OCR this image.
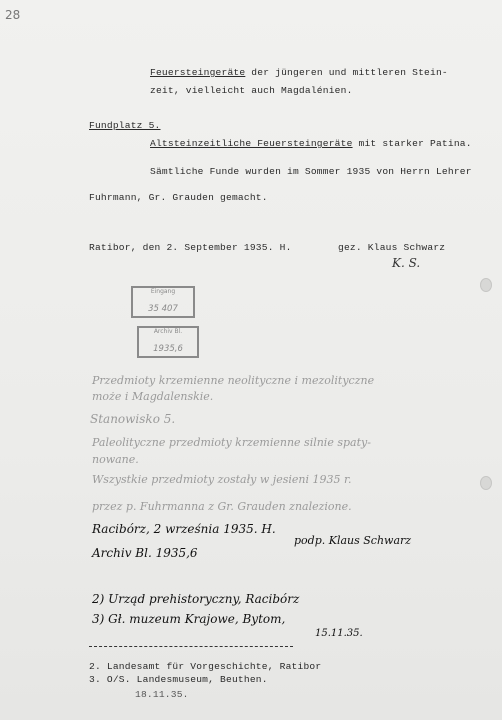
28
Feuersteingeräte der jüngeren und mittleren Stein-
zeit, vielleicht auch Magdalénien.
Fundplatz 5.
Altsteinzeitliche Feuersteingeräte mit starker Patina.
Sämtliche Funde wurden im Sommer 1935 von Herrn Lehrer
Fuhrmann, Gr. Grauden gemacht.
Ratibor, den 2. September 1935. H.	gez. Klaus Schwarz
K. S.
Eingang
35 407
Archiv Bl.
1935,6
Przedmioty krzemienne neolityczne i mezolityczne
może i Magdalenskie.
Stanowisko 5.
Paleolityczne przedmioty krzemienne silnie spaty-
nowane.
Wszystkie przedmioty zostały w jesieni 1935 r.
przez p. Fuhrmanna z Gr. Grauden znalezione.
Racibórz, 2 września 1935. H.
podp. Klaus Schwarz
Archiv Bl. 1935,6
2) Urząd prehistoryczny, Racibórz
3) Gł. muzeum Krajowe, Bytom,
15.11.35.
2. Landesamt für Vorgeschichte, Ratibor
3. O/S. Landesmuseum, Beuthen.
18.11.35.
